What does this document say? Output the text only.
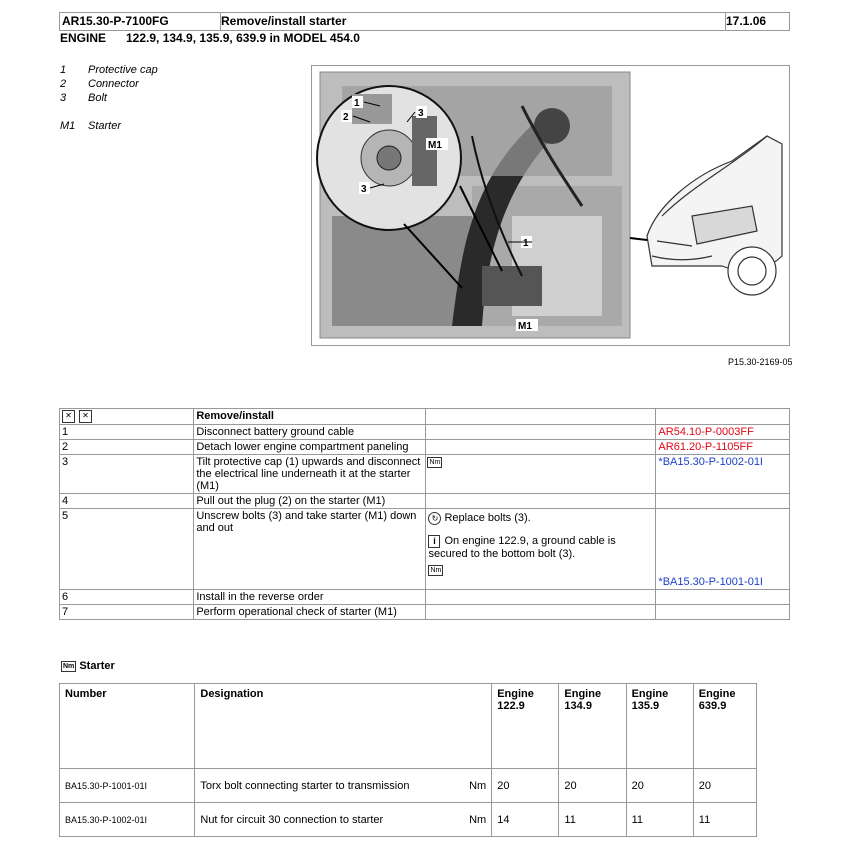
AR15.30-P-7100FG	Remove/install starter	17.1.06
ENGINE 122.9, 134.9, 135.9, 639.9 in MODEL 454.0
1 Protective cap
2 Connector
3 Bolt
M1 Starter
1
2	3
M1
3
1
M1
P15.30-2169-05
✕ ✕	Remove/install		
1	Disconnect battery ground cable		AR54.10-P-0003FF
2	Detach lower engine compartment paneling		AR61.20-P-1105FF
3	Tilt protective cap (1) upwards and disconnect the electrical line underneath it at the starter (M1)	Nm	*BA15.30-P-1002-01I
4	Pull out the plug (2) on the starter (M1)		
5	Unscrew bolts (3) and take starter (M1) down and out	↻ Replace bolts (3).
i On engine 122.9, a ground cable is secured to the bottom bolt (3).
Nm	*BA15.30-P-1001-01I
6	Install in the reverse order		
7	Perform operational check of starter (M1)		
Nm Starter
Number	Designation	Engine 122.9	Engine 134.9	Engine 135.9	Engine 639.9
BA15.30-P-1001-01I	Torx bolt connecting starter to transmission Nm	20	20	20	20
BA15.30-P-1002-01I	Nut for circuit 30 connection to starter Nm	14	11	11	11
